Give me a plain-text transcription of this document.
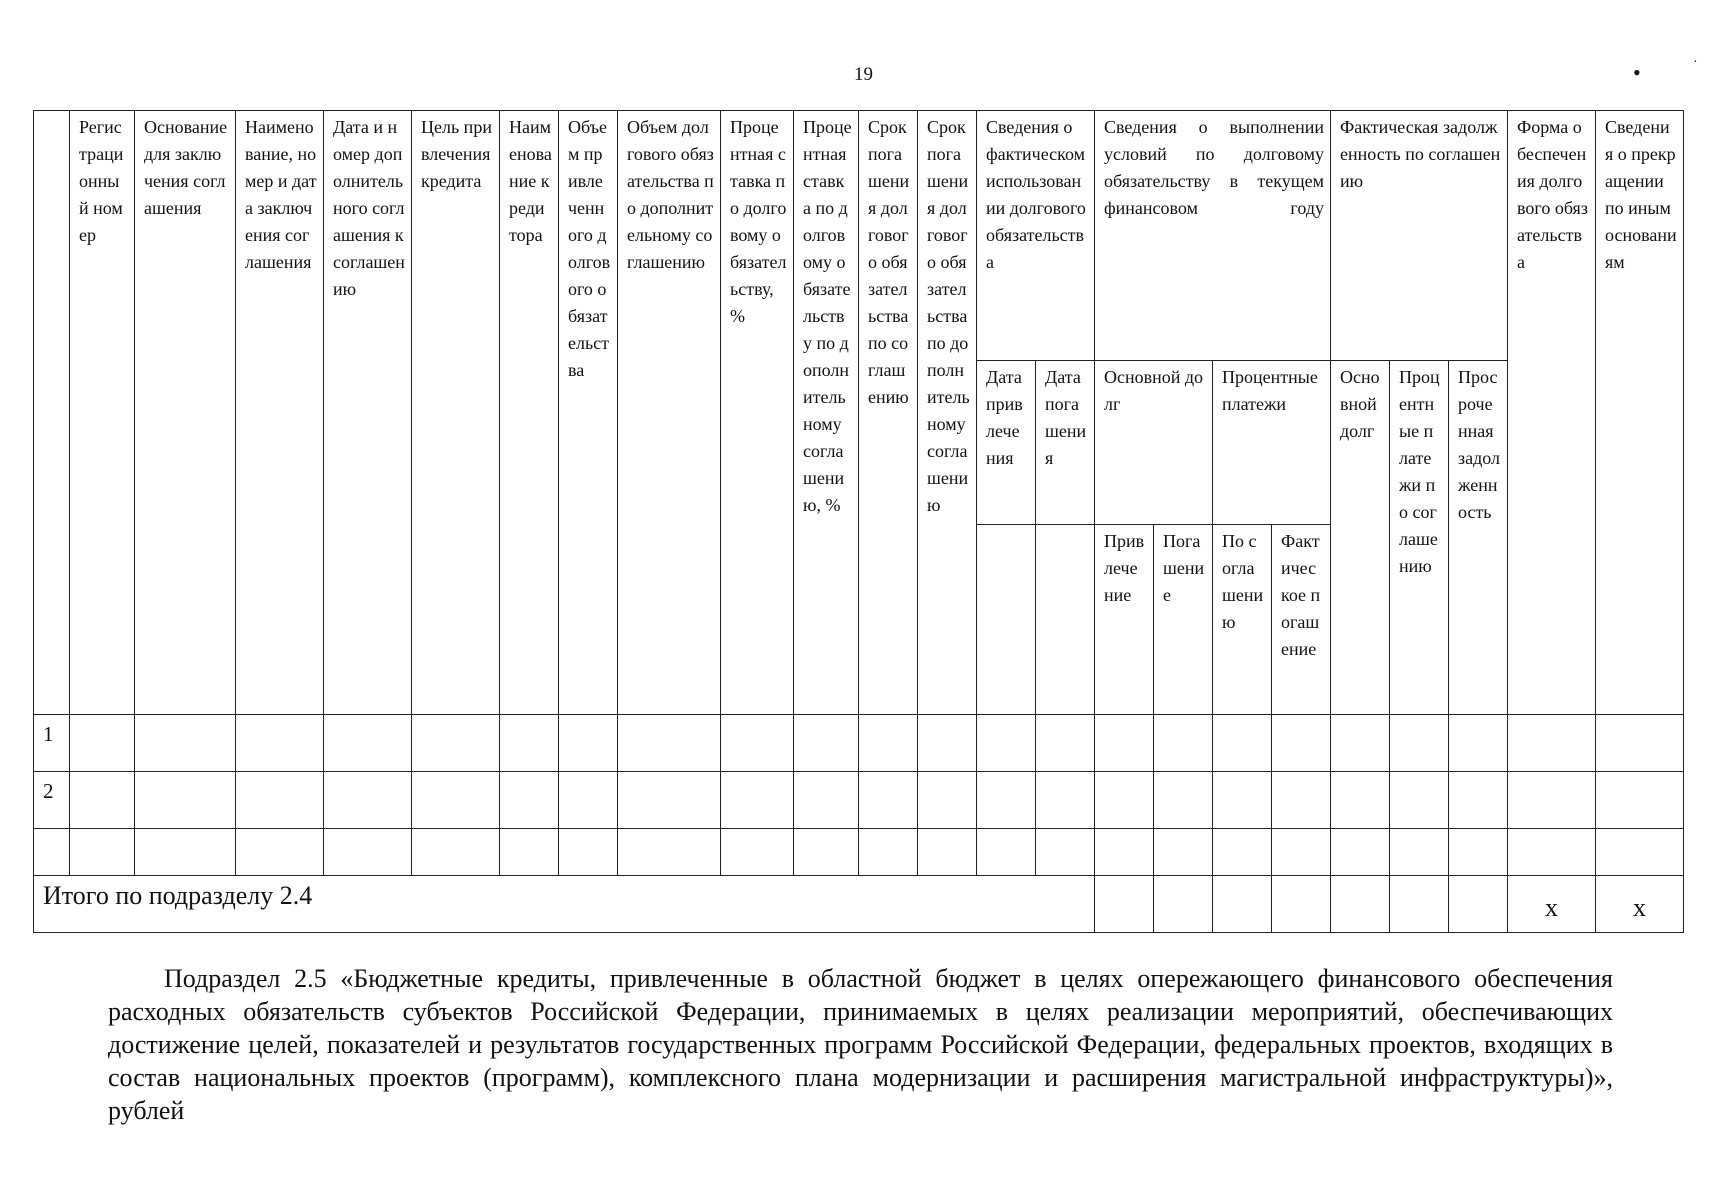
19	•	·
	Регистрационный номер	Основание для заключения соглашения	Наименование, номер и дата заключения соглашения	Дата и номер дополнительного соглашения к соглашению	Цель привлечения кредита	Наименование кредитора	Объем привлеченного долгового обязательства	Объем долгового обязательства по дополнительному соглашению	Процентная ставка по долговому обязательству, %	Процентная ставка по долговому обязательству по дополнительному соглашению, %	Срок погашения долгового обязательства по соглашению	Срок погашения долгового обязательства по дополнительному соглашению	Сведения о фактическом использовании долгового обязательства		Сведения о выполнении условий по долговому обязательству в текущем финансовом году				Фактическая задолженность по соглашению			Форма обеспечения долгового обязательства	Сведения о прекращении по иным основаниям
													Дата привлечения	Дата погашения	Основной долг		Процентные платежи		Основной долг	Процентные платежи по соглашению	Просроченная задолженность		
															Привлечение	Погашение	По соглашению	Фактическое погашение					
1																							
2																							

Итого по подразделу 2.4																						x	x

Подраздел 2.5 «Бюджетные кредиты, привлеченные в областной бюджет в целях опережающего финансового обеспечения расходных обязательств субъектов Российской Федерации, принимаемых в целях реализации мероприятий, обеспечивающих достижение целей, показателей и результатов государственных программ Российской Федерации, федеральных проектов, входящих в состав национальных проектов (программ), комплексного плана модернизации и расширения магистральной инфраструктуры)», рублей
